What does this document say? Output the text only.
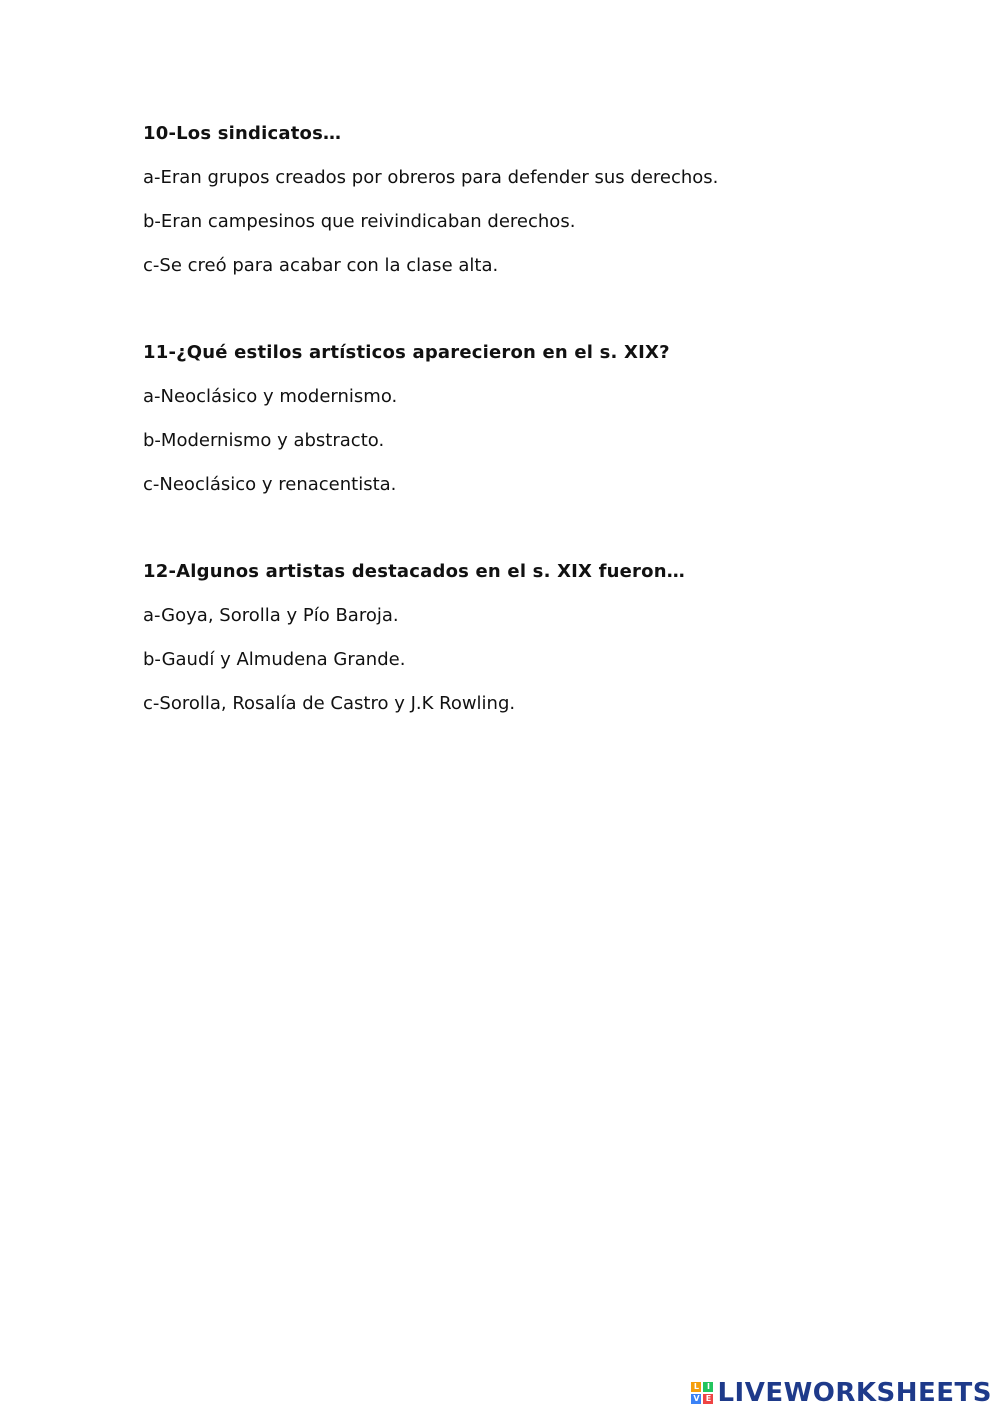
10-Los sindicatos…
a-Eran grupos creados por obreros para defender sus derechos.
b-Eran campesinos que reivindicaban derechos.
c-Se creó para acabar con la clase alta.
11-¿Qué estilos artísticos aparecieron en el s. XIX?
a-Neoclásico y modernismo.
b-Modernismo y abstracto.
c-Neoclásico y renacentista.
12-Algunos artistas destacados en el s. XIX fueron…
a-Goya, Sorolla y Pío Baroja.
b-Gaudí y Almudena Grande.
c-Sorolla, Rosalía de Castro y J.K Rowling.
L I
V E LIVEWORKSHEETS
